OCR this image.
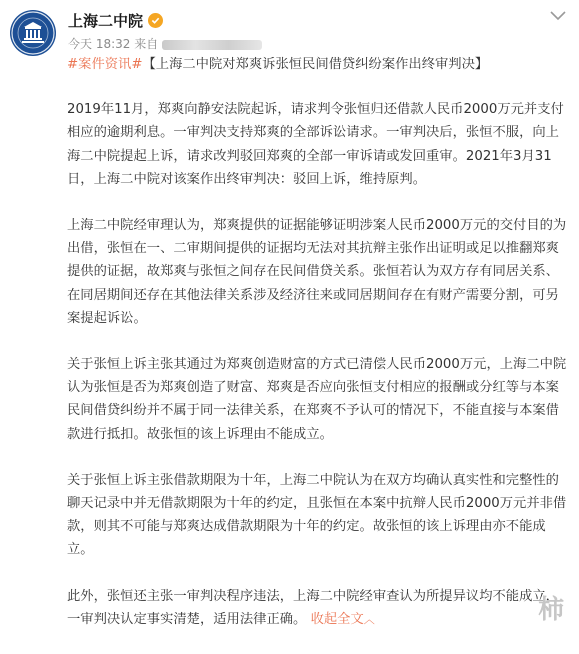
上海二中院
今天 18:32 来自

#案件资讯#【上海二中院对郑爽诉张恒民间借贷纠纷案作出终审判决】

2019年11月，郑爽向静安法院起诉，请求判令张恒归还借款人民币2000万元并支付相应的逾期利息。一审判决支持郑爽的全部诉讼请求。一审判决后，张恒不服，向上海二中院提起上诉，请求改判驳回郑爽的全部一审诉请或发回重审。2021年3月31日，上海二中院对该案作出终审判决：驳回上诉，维持原判。

上海二中院经审理认为，郑爽提供的证据能够证明涉案人民币2000万元的交付目的为出借，张恒在一、二审期间提供的证据均无法对其抗辩主张作出证明或足以推翻郑爽提供的证据，故郑爽与张恒之间存在民间借贷关系。张恒若认为双方存有同居关系、在同居期间还存在其他法律关系涉及经济往来或同居期间存在有财产需要分割，可另案提起诉讼。

关于张恒上诉主张其通过为郑爽创造财富的方式已清偿人民币2000万元，上海二中院认为张恒是否为郑爽创造了财富、郑爽是否应向张恒支付相应的报酬或分红等与本案民间借贷纠纷并不属于同一法律关系，在郑爽不予认可的情况下，不能直接与本案借款进行抵扣。故张恒的该上诉理由不能成立。

关于张恒上诉主张借款期限为十年，上海二中院认为在双方均确认真实性和完整性的聊天记录中并无借款期限为十年的约定，且张恒在本案中抗辩人民币2000万元并非借款，则其不可能与郑爽达成借款期限为十年的约定。故张恒的该上诉理由亦不能成立。

此外，张恒还主张一审判决程序违法，上海二中院经审查认为所提异议均不能成立，一审判决认定事实清楚，适用法律正确。 收起全文︿	柿
